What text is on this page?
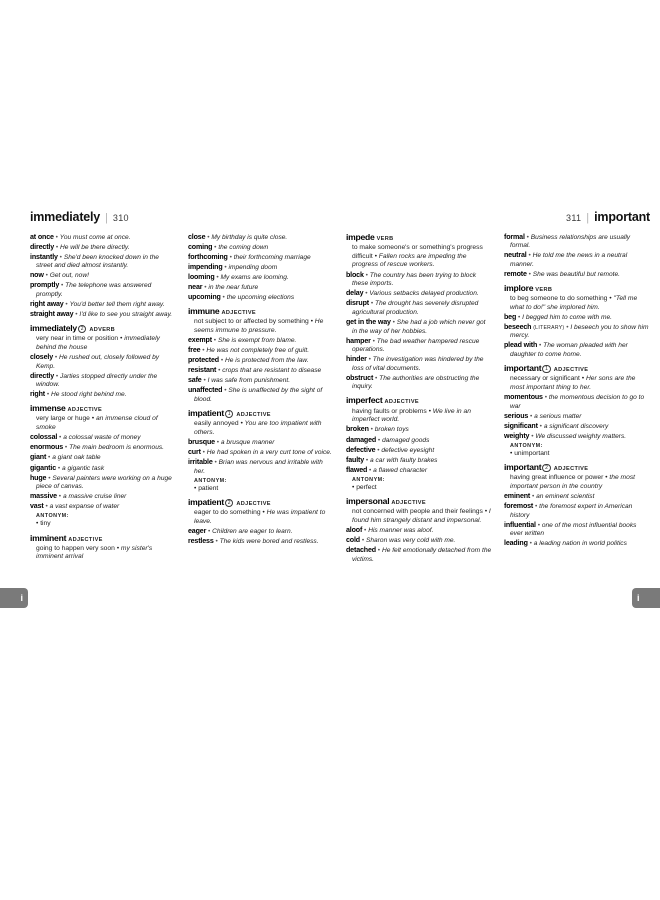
i	i
immediately | 310
at once • You must come at once.
directly • He will be there directly.
instantly • She'd been knocked down in the street and died almost instantly.
now • Get out, now!
promptly • The telephone was answered promptly.
right away • You'd better tell them right away.
straight away • I'd like to see you straight away.
immediately 2 ADVERB
very near in time or position • immediately behind the house
closely • He rushed out, closely followed by Kemp.
directly • Jarties stopped directly under the window.
right • He stood right behind me.
immense ADJECTIVE
very large or huge • an immense cloud of smoke
colossal • a colossal waste of money
enormous • The main bedroom is enormous.
giant • a giant oak table
gigantic • a gigantic task
huge • Several painters were working on a huge piece of canvas.
massive • a massive cruise liner
vast • a vast expanse of water
ANTONYM:
• tiny
imminent ADJECTIVE
going to happen very soon • my sister's imminent arrival
close • My birthday is quite close.
coming • the coming down
forthcoming • their forthcoming marriage
impending • impending doom
looming • My exams are looming.
near • in the near future
upcoming • the upcoming elections
immune ADJECTIVE
not subject to or affected by something • He seems immune to pressure.
exempt • She is exempt from blame.
free • He was not completely free of guilt.
protected • He is protected from the law.
resistant • crops that are resistant to disease
safe • I was safe from punishment.
unaffected • She is unaffected by the sight of blood.
impatient 1 ADJECTIVE
easily annoyed • You are too impatient with others.
brusque • a brusque manner
curt • He had spoken in a very curt tone of voice.
irritable • Brian was nervous and irritable with her.
ANTONYM:
• patient
impatient 2 ADJECTIVE
eager to do something • He was impatient to leave.
eager • Children are eager to learn.
restless • The kids were bored and restless.
311 | important
impede VERB
to make someone's or something's progress difficult • Fallen rocks are impeding the progress of rescue workers.
block • The country has been trying to block these imports.
delay • Various setbacks delayed production.
disrupt • The drought has severely disrupted agricultural production.
get in the way • She had a job which never got in the way of her hobbies.
hamper • The bad weather hampered rescue operations.
hinder • The investigation was hindered by the loss of vital documents.
obstruct • The authorities are obstructing the inquiry.
imperfect ADJECTIVE
having faults or problems • We live in an imperfect world.
broken • broken toys
damaged • damaged goods
defective • defective eyesight
faulty • a car with faulty brakes
flawed • a flawed character
ANTONYM:
• perfect
impersonal ADJECTIVE
not concerned with people and their feelings • I found him strangely distant and impersonal.
aloof • His manner was aloof.
cold • Sharon was very cold with me.
detached • He felt emotionally detached from the victims.
formal • Business relationships are usually formal.
neutral • He told me the news in a neutral manner.
remote • She was beautiful but remote.
implore VERB
to beg someone to do something • "Tell me what to do!" she implored him.
beg • I begged him to come with me.
beseech (LITERARY) • I beseech you to show him mercy.
plead with • The woman pleaded with her daughter to come home.
important 1 ADJECTIVE
necessary or significant • Her sons are the most important thing to her.
momentous • the momentous decision to go to war
serious • a serious matter
significant • a significant discovery
weighty • We discussed weighty matters.
ANTONYM:
• unimportant
important 2 ADJECTIVE
having great influence or power • the most important person in the country
eminent • an eminent scientist
foremost • the foremost expert in American history
influential • one of the most influential books ever written
leading • a leading nation in world politics
